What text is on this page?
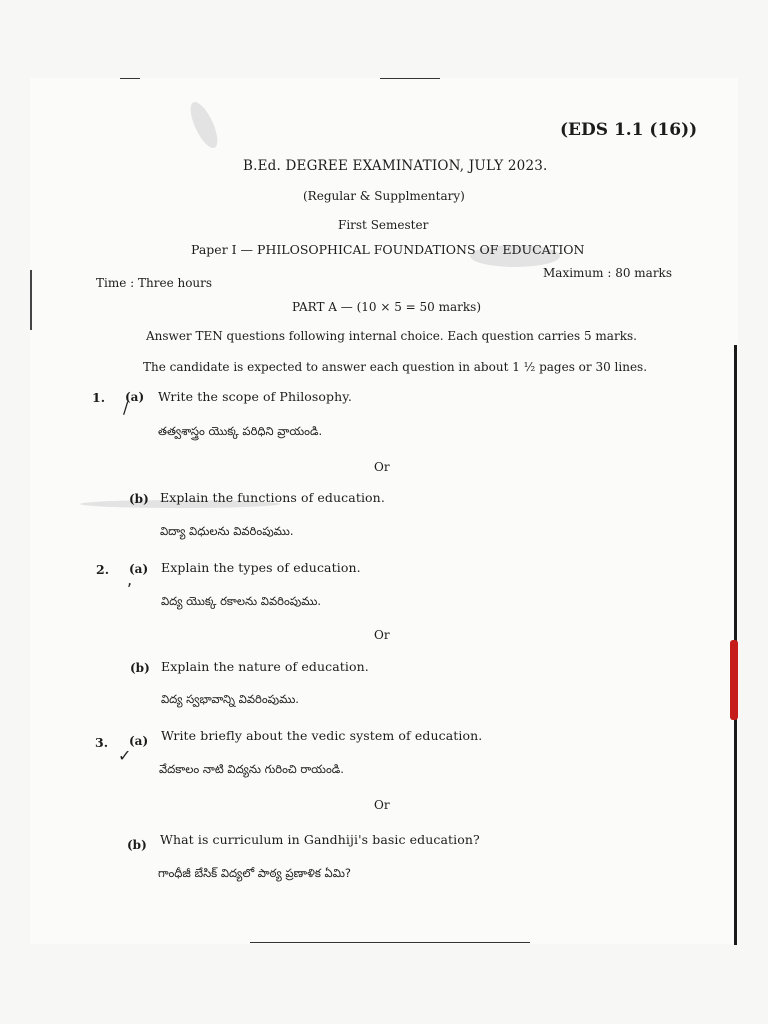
(EDS 1.1 (16))
B.Ed. DEGREE EXAMINATION, JULY 2023.
(Regular & Supplmentary)
First Semester
Paper I — PHILOSOPHICAL FOUNDATIONS OF EDUCATION
Time : Three hours
Maximum : 80 marks
PART A — (10 × 5 = 50 marks)
Answer TEN questions following internal choice. Each question carries 5 marks.
The candidate is expected to answer each question in about 1 ½ pages or 30 lines.
1. (a) Write the scope of Philosophy.
/
తత్వశాస్త్రం యొక్క పరిధిని వ్రాయండి.
Or
(b) Explain the functions of education.
విద్యా విధులను వివరింపుము.
2. (a) Explain the types of education.
,
విద్య యొక్క రకాలను వివరింపుము.
Or
(b) Explain the nature of education.
విద్య స్వభావాన్ని వివరింపుము.
3. (a) Write briefly about the vedic system of education.
✓
వేదకాలం నాటి విద్యను గురించి రాయండి.
Or
(b) What is curriculum in Gandhiji's basic education?
గాంధీజీ బేసిక్ విద్యలో పాఠ్య ప్రణాళిక ఏమి?
